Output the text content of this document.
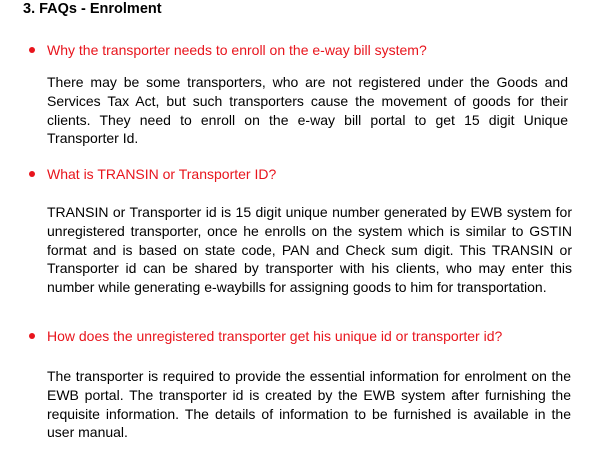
3. FAQs - Enrolment
Why the transporter needs to enroll on the e-way bill system?
There may be some transporters, who are not registered under the Goods and Services Tax Act, but such transporters cause the movement of goods for their clients. They need to enroll on the e-way bill portal to get 15 digit Unique Transporter Id.
What is TRANSIN or Transporter ID?
TRANSIN or Transporter id is 15 digit unique number generated by EWB system for unregistered transporter, once he enrolls on the system which is similar to GSTIN format and is based on state code, PAN and Check sum digit. This TRANSIN or Transporter id can be shared by transporter with his clients, who may enter this number while generating e-waybills for assigning goods to him for transportation.
How does the unregistered transporter get his unique id or transporter id?
The transporter is required to provide the essential information for enrolment on the EWB portal. The transporter id is created by the EWB system after furnishing the requisite information. The details of information to be furnished is available in the user manual.
